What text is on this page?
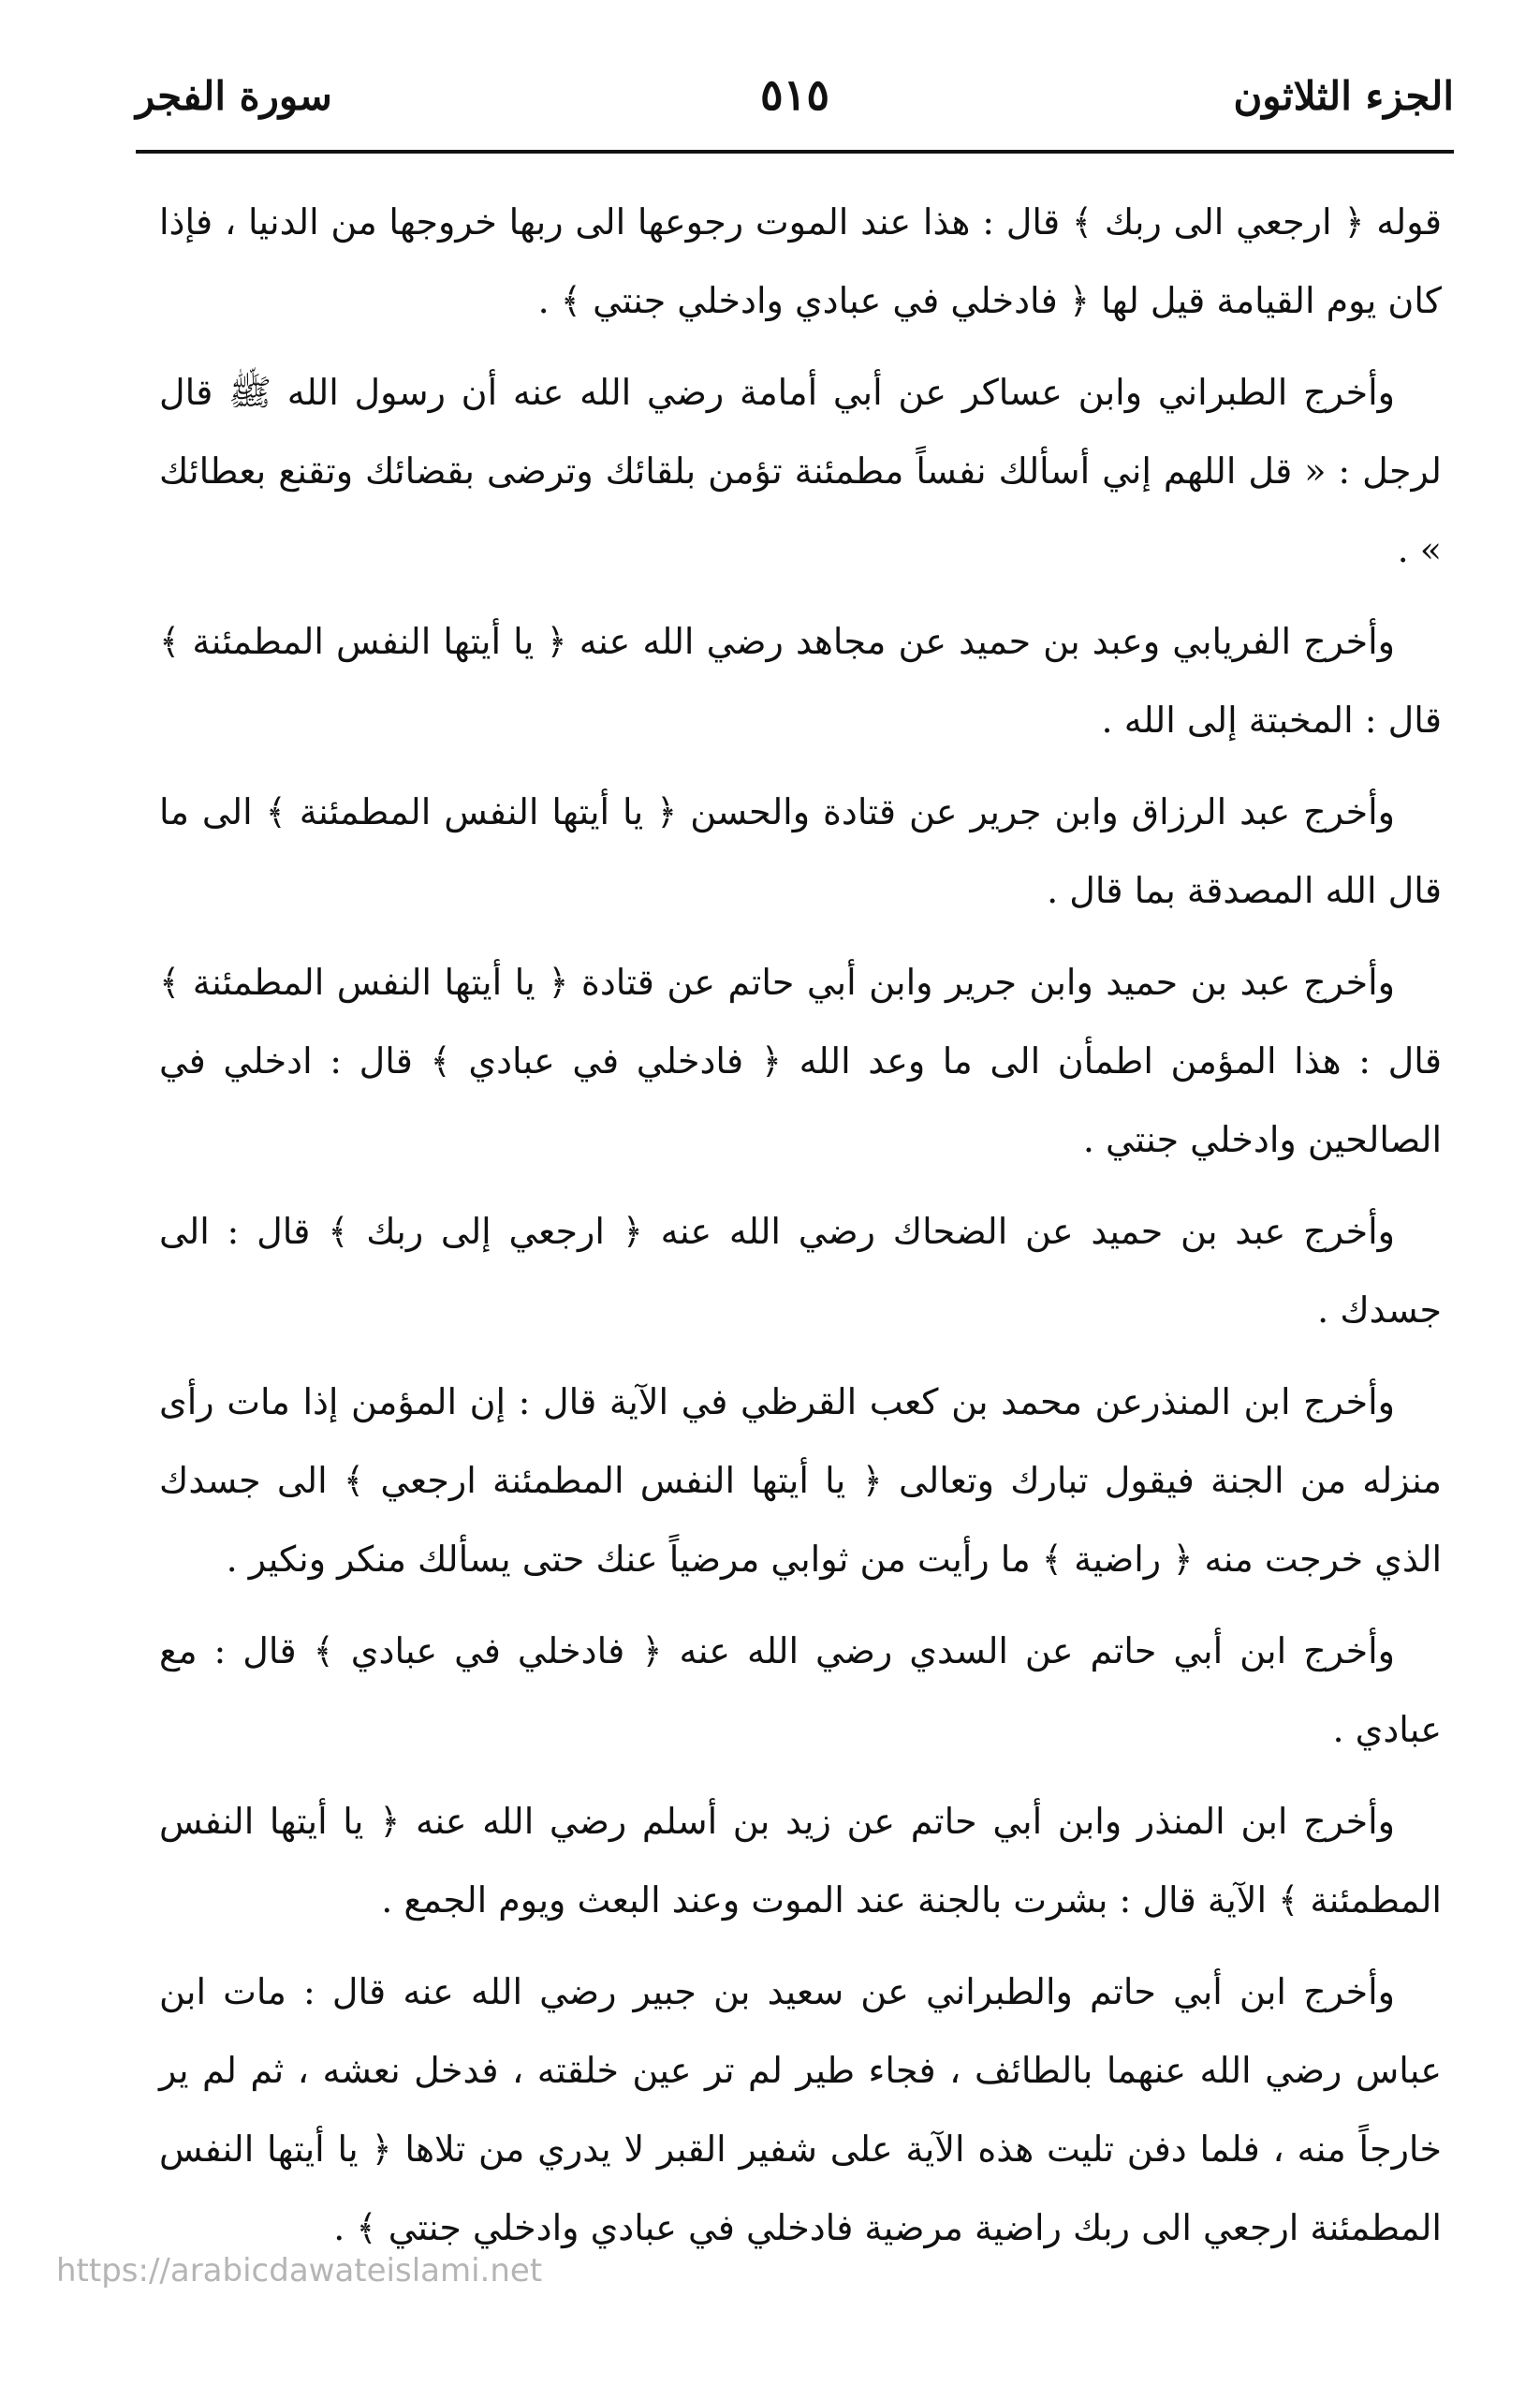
الجزء الثلاثون
٥١٥
سورة الفجر

قوله ﴿ ارجعي الى ربك ﴾ قال : هذا عند الموت رجوعها الى ربها خروجها من الدنيا ، فإذا كان يوم القيامة قيل لها ﴿ فادخلي في عبادي وادخلي جنتي ﴾ .

وأخرج الطبراني وابن عساكر عن أبي أمامة رضي الله عنه أن رسول الله ﷺ قال لرجل : « قل اللهم إني أسألك نفساً مطمئنة تؤمن بلقائك وترضى بقضائك وتقنع بعطائك » .

وأخرج الفريابي وعبد بن حميد عن مجاهد رضي الله عنه ﴿ يا أيتها النفس المطمئنة ﴾ قال : المخبتة إلى الله .

وأخرج عبد الرزاق وابن جرير عن قتادة والحسن ﴿ يا أيتها النفس المطمئنة ﴾ الى ما قال الله المصدقة بما قال .

وأخرج عبد بن حميد وابن جرير وابن أبي حاتم عن قتادة ﴿ يا أيتها النفس المطمئنة ﴾ قال : هذا المؤمن اطمأن الى ما وعد الله ﴿ فادخلي في عبادي ﴾ قال : ادخلي في الصالحين وادخلي جنتي .

وأخرج عبد بن حميد عن الضحاك رضي الله عنه ﴿ ارجعي إلى ربك ﴾ قال : الى جسدك .

وأخرج ابن المنذرعن محمد بن كعب القرظي في الآية قال : إن المؤمن إذا مات رأى منزله من الجنة فيقول تبارك وتعالى ﴿ يا أيتها النفس المطمئنة ارجعي ﴾ الى جسدك الذي خرجت منه ﴿ راضية ﴾ ما رأيت من ثوابي مرضياً عنك حتى يسألك منكر ونكير .

وأخرج ابن أبي حاتم عن السدي رضي الله عنه ﴿ فادخلي في عبادي ﴾ قال : مع عبادي .

وأخرج ابن المنذر وابن أبي حاتم عن زيد بن أسلم رضي الله عنه ﴿ يا أيتها النفس المطمئنة ﴾ الآية قال : بشرت بالجنة عند الموت وعند البعث ويوم الجمع .

وأخرج ابن أبي حاتم والطبراني عن سعيد بن جبير رضي الله عنه قال : مات ابن عباس رضي الله عنهما بالطائف ، فجاء طير لم تر عين خلقته ، فدخل نعشه ، ثم لم ير خارجاً منه ، فلما دفن تليت هذه الآية على شفير القبر لا يدري من تلاها ﴿ يا أيتها النفس المطمئنة ارجعي الى ربك راضية مرضية فادخلي في عبادي وادخلي جنتي ﴾ .

https://arabicdawateislami.net
